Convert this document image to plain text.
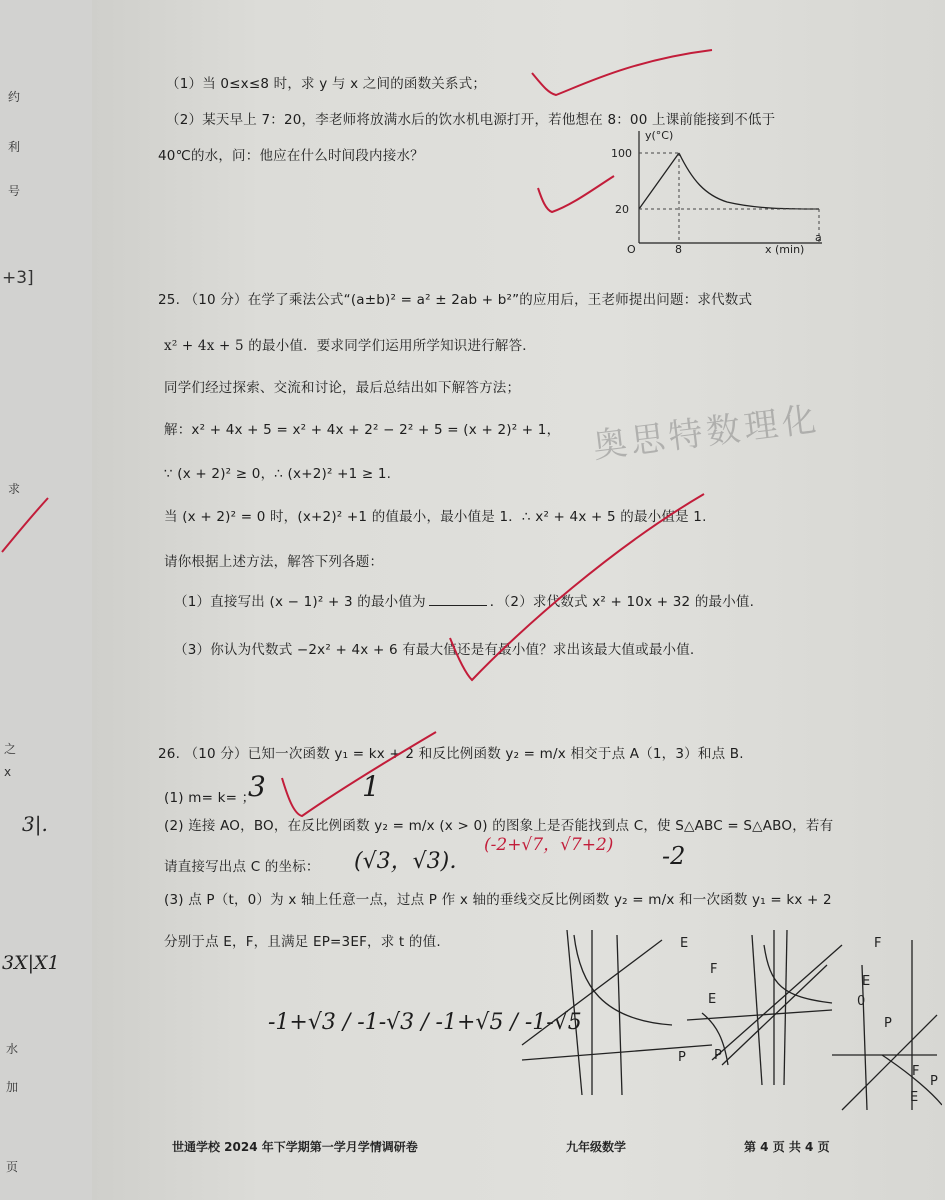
约
利
号
+3]
求
之
x
3|.
3X|X1
水
加
页
（1）当 0≤x≤8 时，求 y 与 x 之间的函数关系式；
（2）某天早上 7：20，李老师将放满水后的饮水机电源打开，若他想在 8：00 上课前能接到不低于
40℃的水，问：他应在什么时间段内接水？
y(°C)
100
20
O	8
a
x (min)
25. （10 分）在学了乘法公式“(a±b)² = a² ± 2ab + b²”的应用后，王老师提出问题：求代数式
x² + 4x + 5 的最小值．要求同学们运用所学知识进行解答．
同学们经过探索、交流和讨论，最后总结出如下解答方法；
解：x² + 4x + 5 = x² + 4x + 2² − 2² + 5 = (x + 2)² + 1，
∵ (x + 2)² ≥ 0，∴ (x+2)² +1 ≥ 1.
当 (x + 2)² = 0 时，(x+2)² +1 的值最小，最小值是 1．∴ x² + 4x + 5 的最小值是 1.
请你根据上述方法，解答下列各题：
（1）直接写出 (x − 1)² + 3 的最小值为	．（2）求代数式 x² + 10x + 32 的最小值.
（3）你认为代数式 −2x² + 4x + 6 有最大值还是有最小值？求出该最大值或最小值.
奥思特数理化
26. （10 分）已知一次函数 y₁ = kx + 2 和反比例函数 y₂ = m/x 相交于点 A（1，3）和点 B.
(1) m= k= ；
3	1
(2) 连接 AO，BO，在反比例函数 y₂ = m/x (x > 0) 的图象上是否能找到点 C，使 S△ABC = S△ABO，若有
请直接写出点 C 的坐标： (√3，√3)．
(-2+√7，√7+2) -2
(3) 点 P（t，0）为 x 轴上任意一点，过点 P 作 x 轴的垂线交反比例函数 y₂ = m/x 和一次函数 y₁ = kx + 2
分别于点 E，F，且满足 EP=3EF，求 t 的值.
-1+√3 / -1-√3 / -1+√5 / -1-√5
E
F
E
P P
F
E
0
P
F
P
E
世通学校 2024 年下学期第一学月学情调研卷	九年级数学	第 4 页 共 4 页
